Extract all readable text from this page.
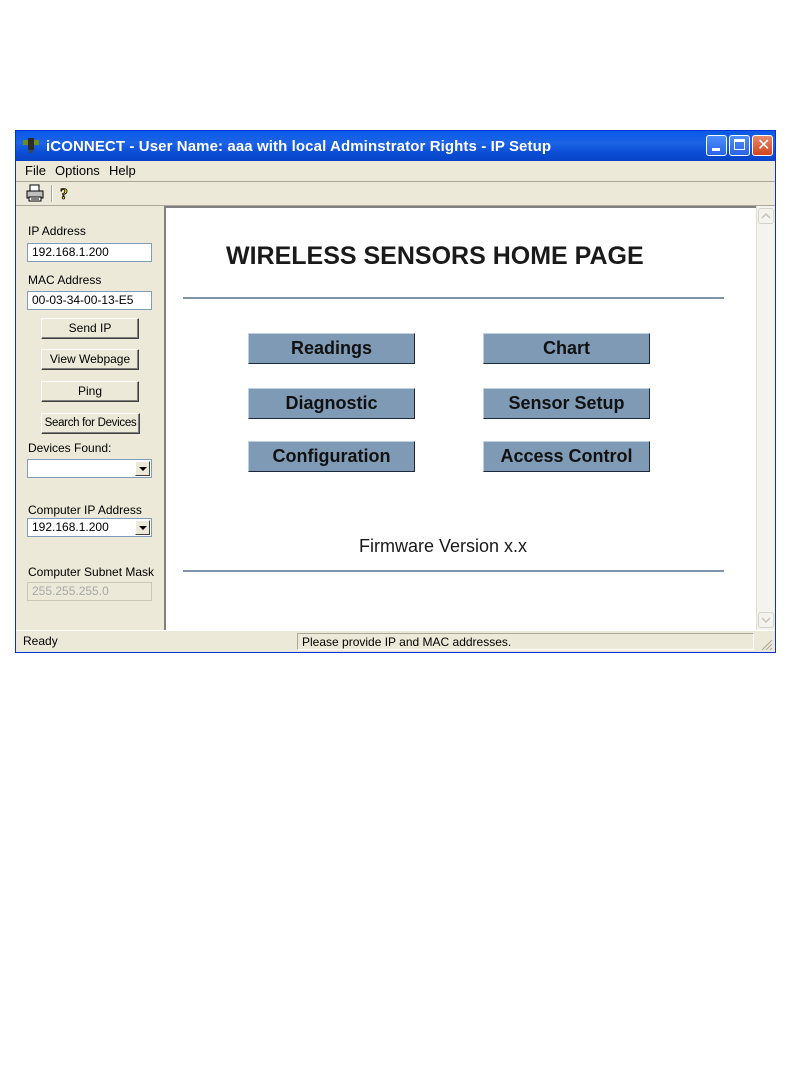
iCONNECT - User Name: aaa with local Adminstrator Rights - IP Setup	✕
File Options Help
?
IP Address
192.168.1.200
MAC Address
00-03-34-00-13-E5
Send IP
View Webpage
Ping
Search for Devices
Devices Found:
Computer IP Address
192.168.1.200
Computer Subnet Mask
255.255.255.0
WIRELESS SENSORS HOME PAGE
Readings	Chart
Diagnostic	Sensor Setup
Configuration	Access Control
Firmware Version x.x
Ready	Please provide IP and MAC addresses.
